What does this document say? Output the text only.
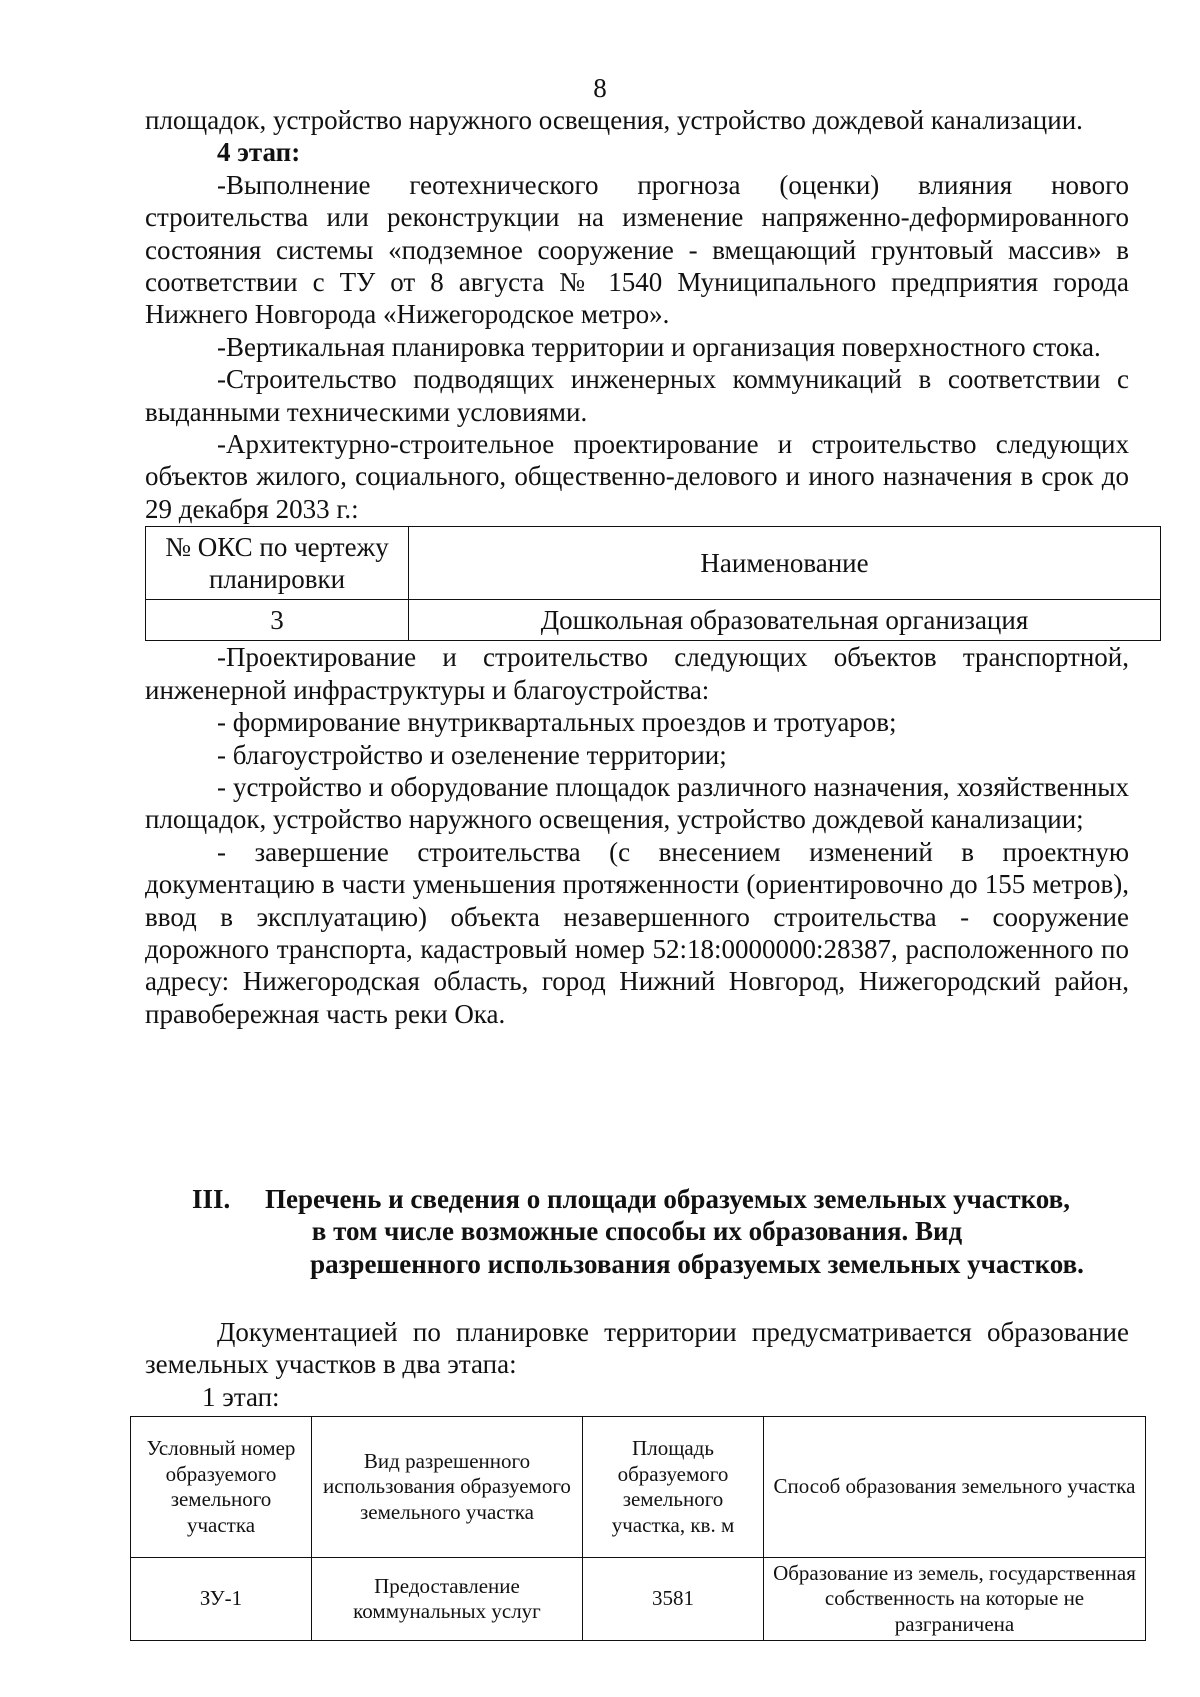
8

площадок, устройство наружного освещения, устройство дождевой канализации.

4 этап:

-Выполнение геотехнического прогноза (оценки) влияния нового строительства или реконструкции на изменение напряженно-деформированного состояния системы «подземное сооружение - вмещающий грунтовый массив» в соответствии с ТУ от 8 августа № 1540 Муниципального предприятия города Нижнего Новгорода «Нижегородское метро».

-Вертикальная планировка территории и организация поверхностного стока.

-Строительство подводящих инженерных коммуникаций в соответствии с выданными техническими условиями.

-Архитектурно-строительное проектирование и строительство следующих объектов жилого, социального, общественно-делового и иного назначения в срок до 29 декабря 2033 г.:

№ ОКС по чертежу планировки	Наименование
3	Дошкольная образовательная организация

-Проектирование и строительство следующих объектов транспортной, инженерной инфраструктуры и благоустройства:

- формирование внутриквартальных проездов и тротуаров;

- благоустройство и озеленение территории;

- устройство и оборудование площадок различного назначения, хозяйственных площадок, устройство наружного освещения, устройство дождевой канализации;

- завершение строительства (с внесением изменений в проектную документацию в части уменьшения протяженности (ориентировочно до 155 метров), ввод в эксплуатацию) объекта незавершенного строительства - сооружение дорожного транспорта, кадастровый номер 52:18:0000000:28387, расположенного по адресу: Нижегородская область, город Нижний Новгород, Нижегородский район, правобережная часть реки Ока.

III.	Перечень и сведения о площади образуемых земельных участков,
в том числе возможные способы их образования. Вид
разрешенного использования образуемых земельных участков.

Документацией по планировке территории предусматривается образование земельных участков в два этапа:

1 этап:

Условный номер образуемого земельного участка	Вид разрешенного использования образуемого земельного участка	Площадь образуемого земельного участка, кв. м	Способ образования земельного участка
ЗУ-1	Предоставление коммунальных услуг	3581	Образование из земель, государственная собственность на которые не разграничена
